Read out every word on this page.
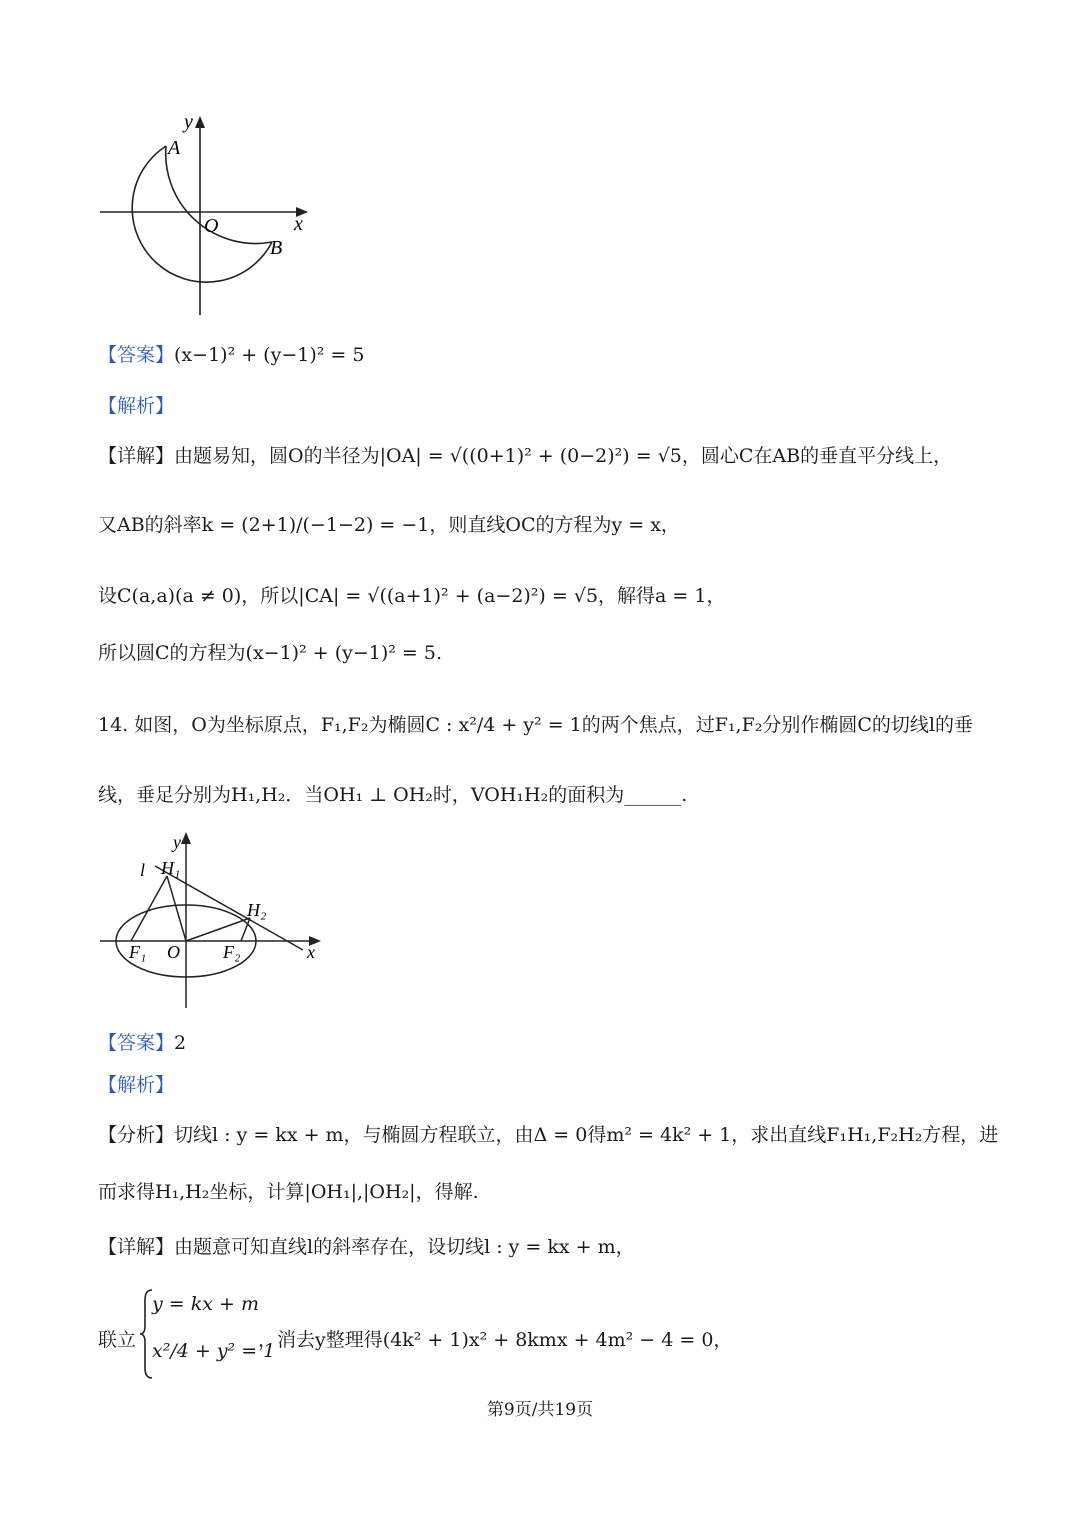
y
x
O
A
B
【答案】(x−1)² + (y−1)² = 5
【解析】
【详解】由题易知，圆O的半径为|OA| = √((0+1)² + (0−2)²) = √5，圆心C在AB的垂直平分线上，
又AB的斜率k = (2+1)/(−1−2) = −1，则直线OC的方程为y = x，
设C(a,a)(a ≠ 0)，所以|CA| = √((a+1)² + (a−2)²) = √5，解得a = 1，
所以圆C的方程为(x−1)² + (y−1)² = 5.
14. 如图，O为坐标原点，F₁,F₂为椭圆C : x²/4 + y² = 1的两个焦点，过F₁,F₂分别作椭圆C的切线l的垂
线，垂足分别为H₁,H₂．当OH₁ ⊥ OH₂时，VOH₁H₂的面积为______.
y
l H₁
H₂
F₁ O F₂	x
【答案】2
【解析】
【分析】切线l : y = kx + m，与椭圆方程联立，由Δ = 0得m² = 4k² + 1，求出直线F₁H₁,F₂H₂方程，进
而求得H₁,H₂坐标，计算|OH₁|,|OH₂|，得解.
【详解】由题意可知直线l的斜率存在，设切线l : y = kx + m，
联立
y = kx + m
x²/4 + y² = 1
，消去y整理得(4k² + 1)x² + 8kmx + 4m² − 4 = 0，
第9页/共19页
